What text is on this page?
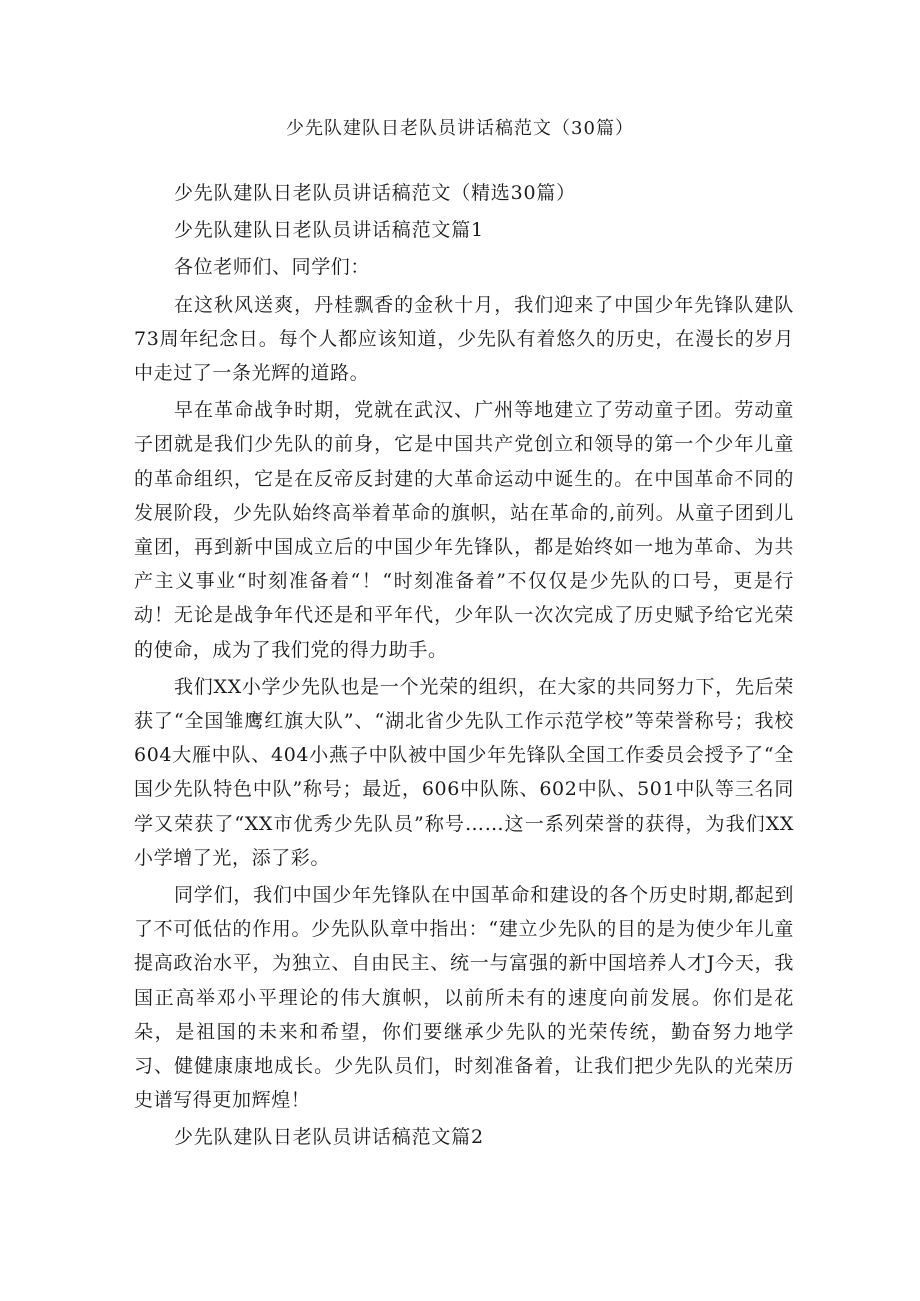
少先队建队日老队员讲话稿范文（30篇）

少先队建队日老队员讲话稿范文（精选30篇）

少先队建队日老队员讲话稿范文篇1

各位老师们、同学们：

在这秋风送爽，丹桂飘香的金秋十月，我们迎来了中国少年先锋队建队73周年纪念日。每个人都应该知道，少先队有着悠久的历史，在漫长的岁月中走过了一条光辉的道路。

早在革命战争时期，党就在武汉、广州等地建立了劳动童子团。劳动童子团就是我们少先队的前身，它是中国共产党创立和领导的第一个少年儿童的革命组织，它是在反帝反封建的大革命运动中诞生的。在中国革命不同的发展阶段，少先队始终高举着革命的旗帜，站在革命的,前列。从童子团到儿童团，再到新中国成立后的中国少年先锋队，都是始终如一地为革命、为共产主义事业“时刻准备着“！“时刻准备着”不仅仅是少先队的口号，更是行动！无论是战争年代还是和平年代，少年队一次次完成了历史赋予给它光荣的使命，成为了我们党的得力助手。

我们XX小学少先队也是一个光荣的组织，在大家的共同努力下，先后荣获了“全国雏鹰红旗大队”、“湖北省少先队工作示范学校”等荣誉称号；我校604大雁中队、404小燕子中队被中国少年先锋队全国工作委员会授予了“全国少先队特色中队”称号；最近，606中队陈、602中队、501中队等三名同学又荣获了“XX市优秀少先队员”称号……这一系列荣誉的获得，为我们XX小学增了光，添了彩。

同学们，我们中国少年先锋队在中国革命和建设的各个历史时期,都起到了不可低估的作用。少先队队章中指出：“建立少先队的目的是为使少年儿童提高政治水平，为独立、自由民主、统一与富强的新中国培养人才J今天，我国正高举邓小平理论的伟大旗帜，以前所未有的速度向前发展。你们是花朵，是祖国的未来和希望，你们要继承少先队的光荣传统，勤奋努力地学习、健健康康地成长。少先队员们，时刻准备着，让我们把少先队的光荣历史谱写得更加辉煌！

少先队建队日老队员讲话稿范文篇2
